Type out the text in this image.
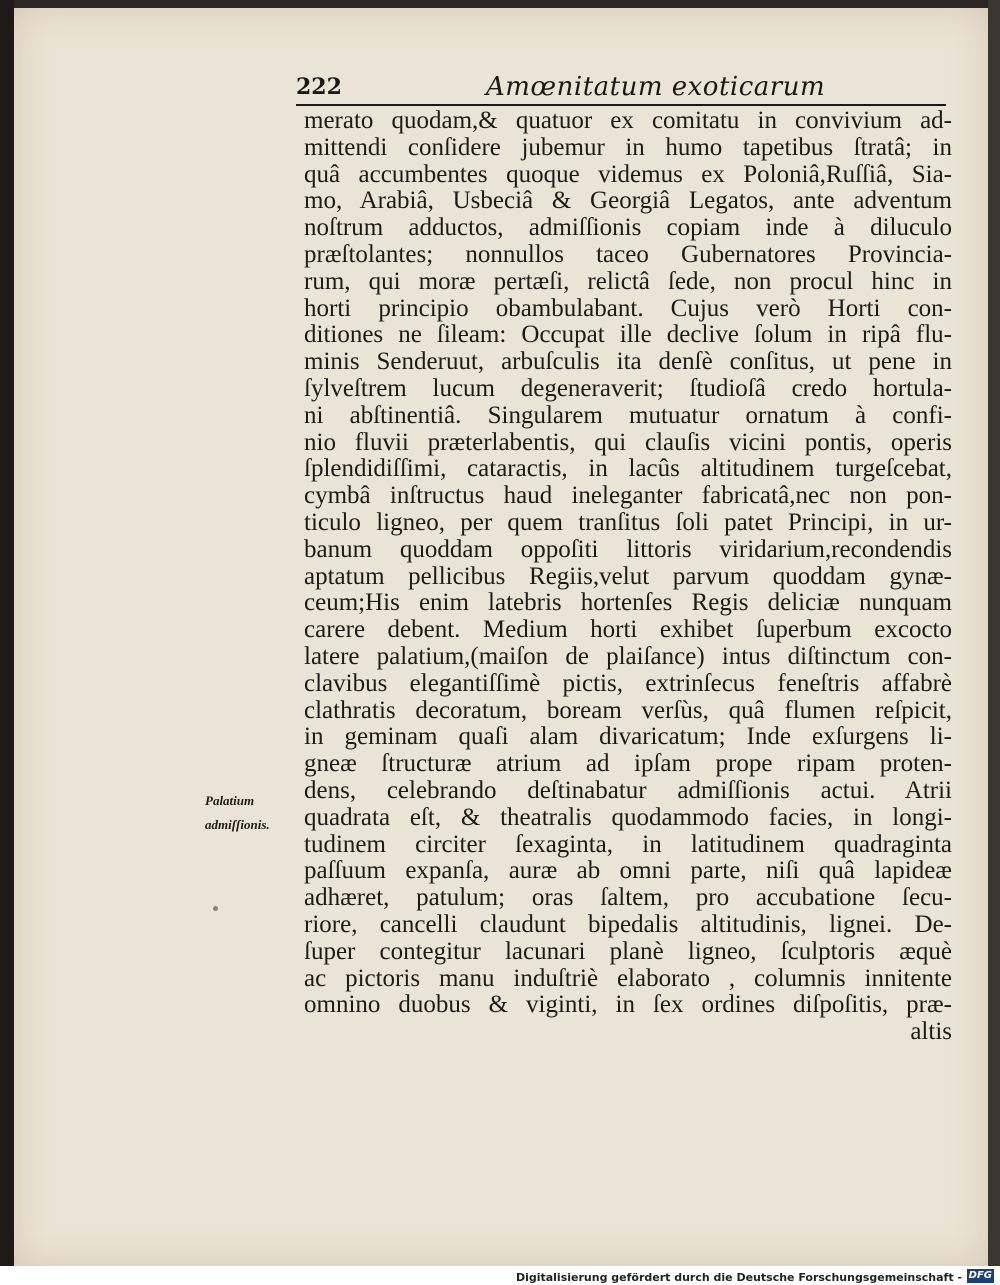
222	Amœnitatum exoticarum
Palatium
admiſſionis.
merato quodam,& quatuor ex comitatu in convivium ad-
mittendi conſidere jubemur in humo tapetibus ſtratâ; in
quâ accumbentes quoque videmus ex Poloniâ,Ruſſiâ, Sia-
mo, Arabiâ, Usbeciâ & Georgiâ Legatos, ante adventum
noſtrum adductos, admiſſionis copiam inde à diluculo
præſtolantes; nonnullos taceo Gubernatores Provincia-
rum, qui moræ pertæſi, relictâ ſede, non procul hinc in
horti principio obambulabant. Cujus verò Horti con-
ditiones ne ſileam: Occupat ille declive ſolum in ripâ flu-
minis Senderuut, arbuſculis ita denſè conſitus, ut pene in
ſylveſtrem lucum degeneraverit; ſtudioſâ credo hortula-
ni abſtinentiâ. Singularem mutuatur ornatum à confi-
nio fluvii præterlabentis, qui clauſis vicini pontis, operis
ſplendidiſſimi, cataractis, in lacûs altitudinem turgeſcebat,
cymbâ inſtructus haud ineleganter fabricatâ,nec non pon-
ticulo ligneo, per quem tranſitus ſoli patet Principi, in ur-
banum quoddam oppoſiti littoris viridarium,recondendis
aptatum pellicibus Regiis,velut parvum quoddam gynæ-
ceum;His enim latebris hortenſes Regis deliciæ nunquam
carere debent. Medium horti exhibet ſuperbum excocto
latere palatium,(maiſon de plaiſance) intus diſtinctum con-
clavibus elegantiſſimè pictis, extrinſecus feneſtris affabrè
clathratis decoratum, boream verſùs, quâ flumen reſpicit,
in geminam quaſi alam divaricatum; Inde exſurgens li-
gneæ ſtructuræ atrium ad ipſam prope ripam proten-
dens, celebrando deſtinabatur admiſſionis actui. Atrii
quadrata eſt, & theatralis quodammodo facies, in longi-
tudinem circiter ſexaginta, in latitudinem quadraginta
paſſuum expanſa, auræ ab omni parte, niſi quâ lapideæ
adhæret, patulum; oras ſaltem, pro accubatione ſecu-
riore, cancelli claudunt bipedalis altitudinis, lignei. De-
ſuper contegitur lacunari planè ligneo, ſculptoris æquè
ac pictoris manu induſtriè elaborato , columnis innitente
omnino duobus & viginti, in ſex ordines diſpoſitis, præ-
altis
Digitalisierung gefördert durch die Deutsche Forschungsgemeinschaft - DFG
